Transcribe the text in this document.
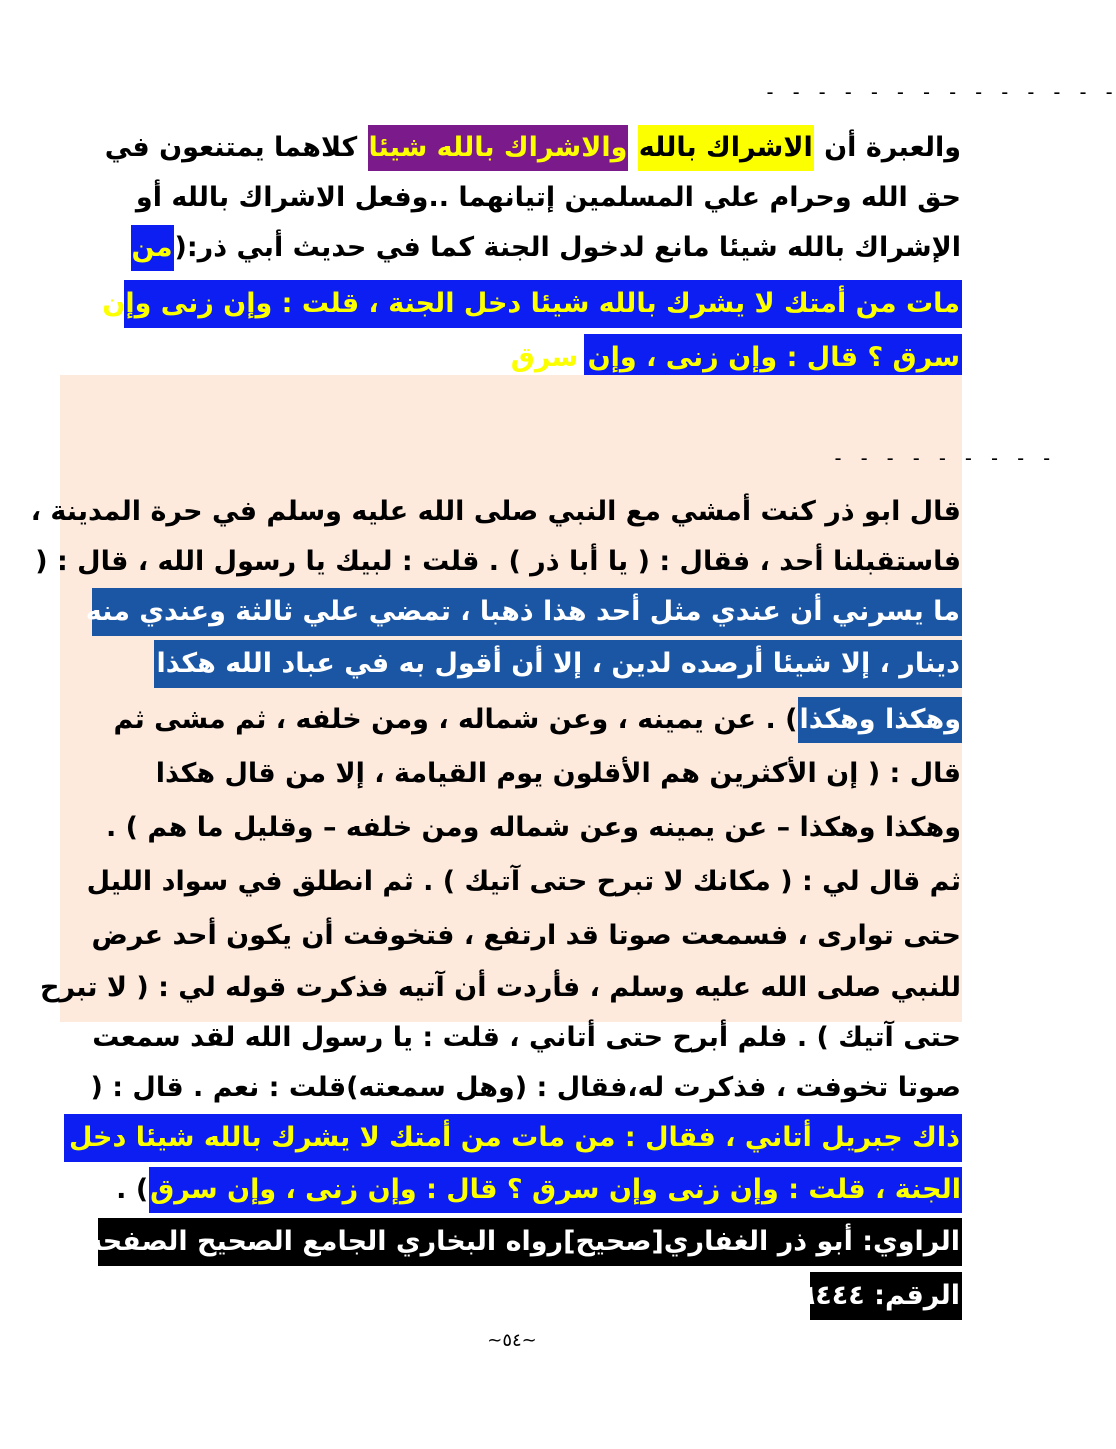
- - - - - - - - - - - - - -
والعبرة أن الاشراك بالله والاشراك بالله شيئا كلاهما يمتنعون في
حق الله وحرام علي المسلمين إتيانهما ..وفعل الاشراك بالله أو
الإشراك بالله شيئا مانع لدخول الجنة كما في حديث أبي ذر:(من
مات من أمتك لا يشرك بالله شيئا دخل الجنة ، قلت : وإن زنى وإن
سرق ؟ قال : وإن زنى ، وإن سرق
- - - - - - - - -
قال ابو ذر كنت أمشي مع النبي صلى الله عليه وسلم في حرة المدينة ،
فاستقبلنا أحد ، فقال : ( يا أبا ذر ) . قلت : لبيك يا رسول الله ، قال : (
ما يسرني أن عندي مثل أحد هذا ذهبا ، تمضي علي ثالثة وعندي منه
دينار ، إلا شيئا أرصده لدين ، إلا أن أقول به في عباد الله هكذا
وهكذا وهكذا) . عن يمينه ، وعن شماله ، ومن خلفه ، ثم مشى ثم
قال : ( إن الأكثرين هم الأقلون يوم القيامة ، إلا من قال هكذا
وهكذا وهكذا – عن يمينه وعن شماله ومن خلفه – وقليل ما هم ) .
ثم قال لي : ( مكانك لا تبرح حتى آتيك ) . ثم انطلق في سواد الليل
حتى توارى ، فسمعت صوتا قد ارتفع ، فتخوفت أن يكون أحد عرض
للنبي صلى الله عليه وسلم ، فأردت أن آتيه فذكرت قوله لي : ( لا تبرح
حتى آتيك ) . فلم أبرح حتى أتاني ، قلت : يا رسول الله لقد سمعت
صوتا تخوفت ، فذكرت له،فقال : (وهل سمعته)قلت : نعم . قال : (
ذاك جبريل أتاني ، فقال : من مات من أمتك لا يشرك بالله شيئا دخل
الجنة ، قلت : وإن زنى وإن سرق ؟ قال : وإن زنى ، وإن سرق) .
الراوي: أبو ذر الغفاري[صحيح]رواه البخاري الجامع الصحيح الصفحة أو
الرقم: ٦٤٤٤
~٥٤~
